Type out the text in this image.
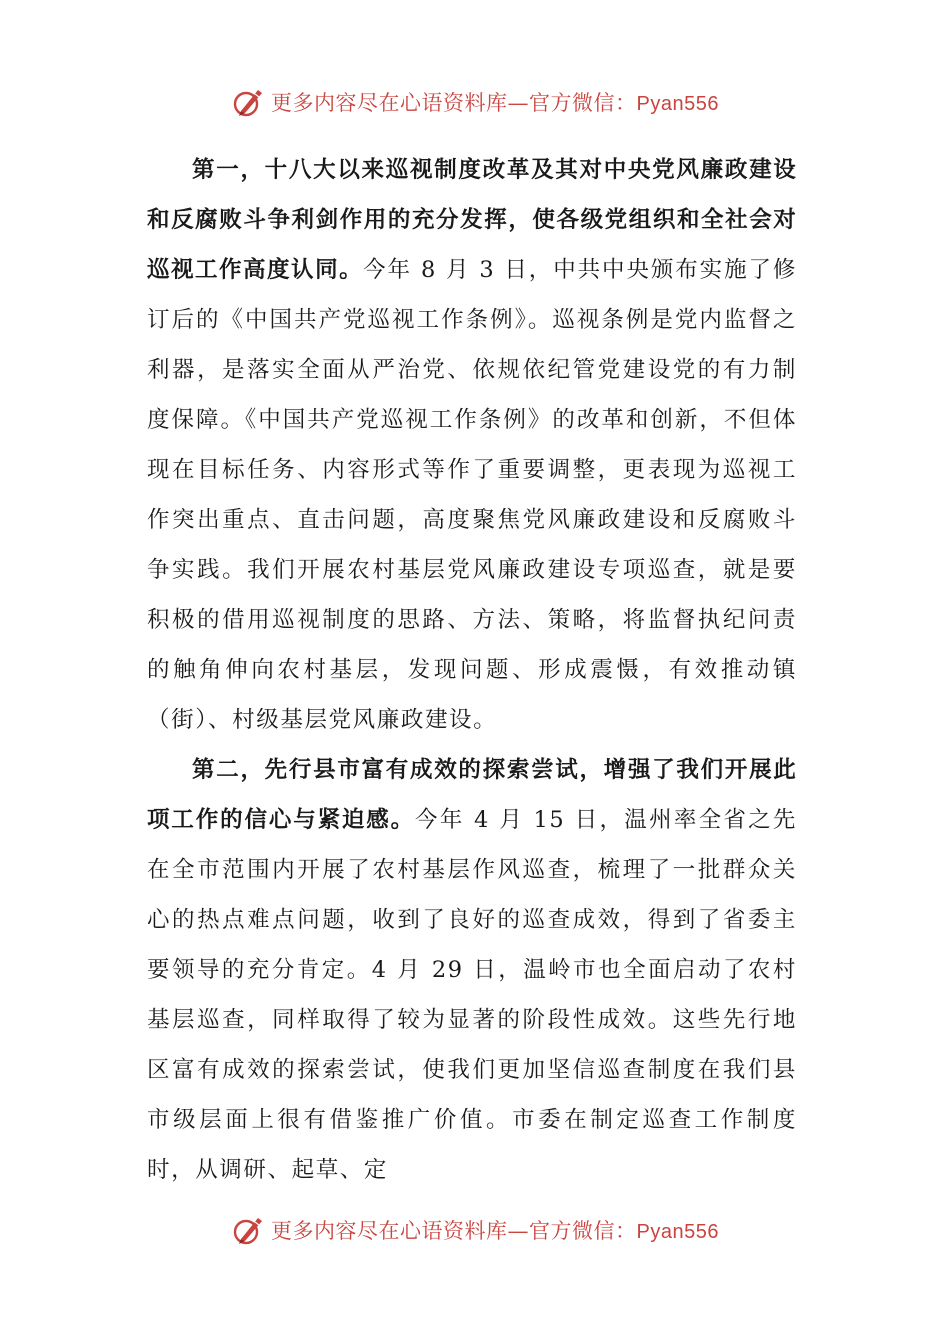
更多内容尽在心语资料库—官方微信：Pyan556

第一，十八大以来巡视制度改革及其对中央党风廉政建设和反腐败斗争利剑作用的充分发挥，使各级党组织和全社会对巡视工作高度认同。今年 8 月 3 日，中共中央颁布实施了修订后的《中国共产党巡视工作条例》。巡视条例是党内监督之利器，是落实全面从严治党、依规依纪管党建设党的有力制度保障。《中国共产党巡视工作条例》的改革和创新，不但体现在目标任务、内容形式等作了重要调整，更表现为巡视工作突出重点、直击问题，高度聚焦党风廉政建设和反腐败斗争实践。我们开展农村基层党风廉政建设专项巡查，就是要积极的借用巡视制度的思路、方法、策略，将监督执纪问责的触角伸向农村基层，发现问题、形成震慑，有效推动镇（街）、村级基层党风廉政建设。

第二，先行县市富有成效的探索尝试，增强了我们开展此项工作的信心与紧迫感。今年 4 月 15 日，温州率全省之先在全市范围内开展了农村基层作风巡查，梳理了一批群众关心的热点难点问题，收到了良好的巡查成效，得到了省委主要领导的充分肯定。4 月 29 日，温岭市也全面启动了农村基层巡查，同样取得了较为显著的阶段性成效。这些先行地区富有成效的探索尝试，使我们更加坚信巡查制度在我们县市级层面上很有借鉴推广价值。市委在制定巡查工作制度时，从调研、起草、定

更多内容尽在心语资料库—官方微信：Pyan556
